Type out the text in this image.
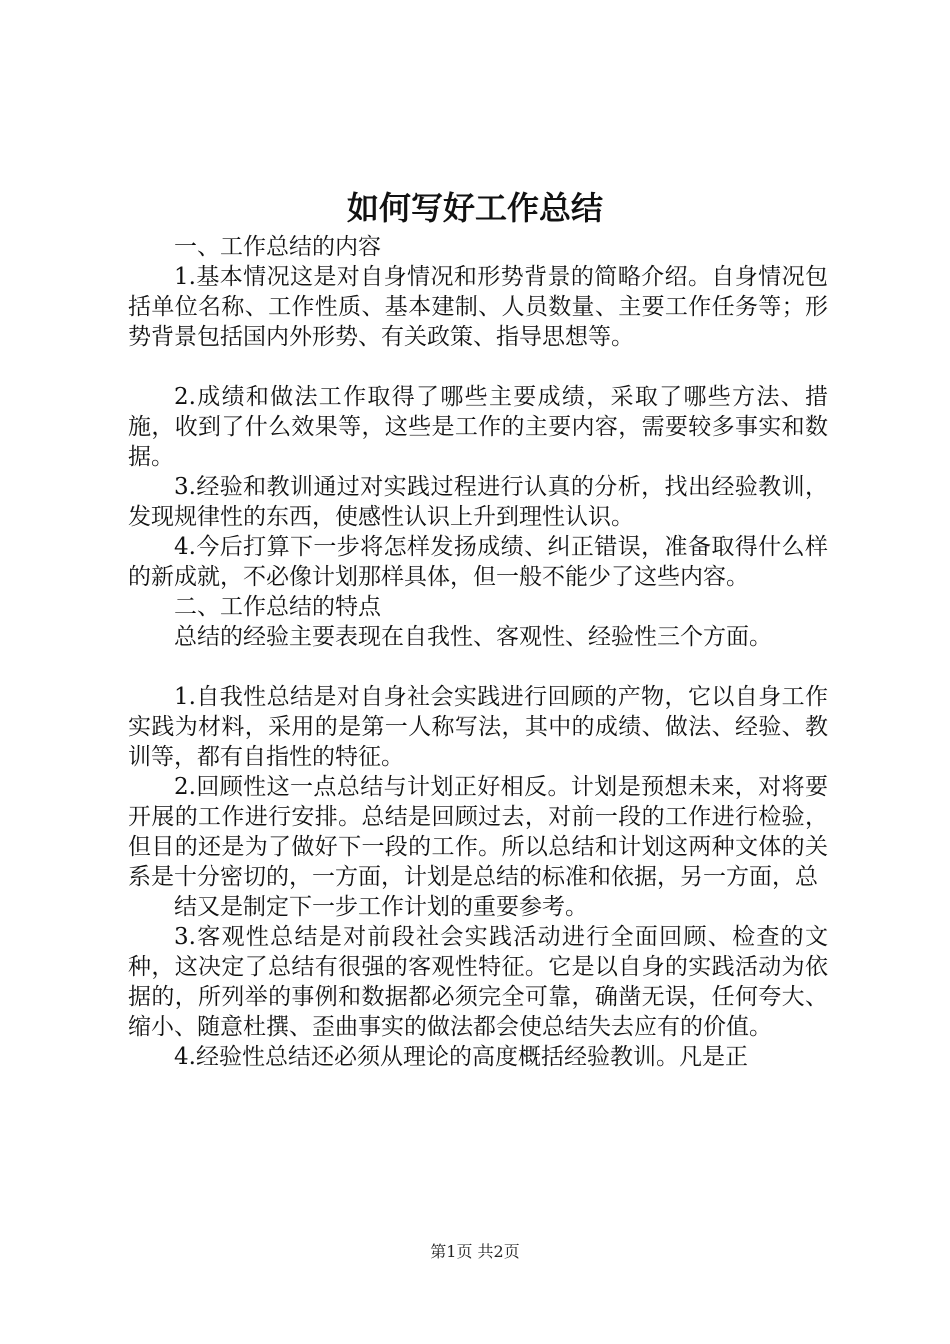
如何写好工作总结

一、工作总结的内容

1.基本情况这是对自身情况和形势背景的简略介绍。自身情况包括单位名称、工作性质、基本建制、人员数量、主要工作任务等；形势背景包括国内外形势、有关政策、指导思想等。

2.成绩和做法工作取得了哪些主要成绩，采取了哪些方法、措施，收到了什么效果等，这些是工作的主要内容，需要较多事实和数据。

3.经验和教训通过对实践过程进行认真的分析，找出经验教训，发现规律性的东西，使感性认识上升到理性认识。

4.今后打算下一步将怎样发扬成绩、纠正错误，准备取得什么样的新成就，不必像计划那样具体，但一般不能少了这些内容。

二、工作总结的特点

总结的经验主要表现在自我性、客观性、经验性三个方面。

1.自我性总结是对自身社会实践进行回顾的产物，它以自身工作实践为材料，采用的是第一人称写法，其中的成绩、做法、经验、教训等，都有自指性的特征。

2.回顾性这一点总结与计划正好相反。计划是预想未来，对将要开展的工作进行安排。总结是回顾过去，对前一段的工作进行检验，但目的还是为了做好下一段的工作。所以总结和计划这两种文体的关系是十分密切的，一方面，计划是总结的标准和依据，另一方面，总

结又是制定下一步工作计划的重要参考。

3.客观性总结是对前段社会实践活动进行全面回顾、检查的文种，这决定了总结有很强的客观性特征。它是以自身的实践活动为依据的，所列举的事例和数据都必须完全可靠，确凿无误，任何夸大、缩小、随意杜撰、歪曲事实的做法都会使总结失去应有的价值。

4.经验性总结还必须从理论的高度概括经验教训。凡是正

第1页 共2页
